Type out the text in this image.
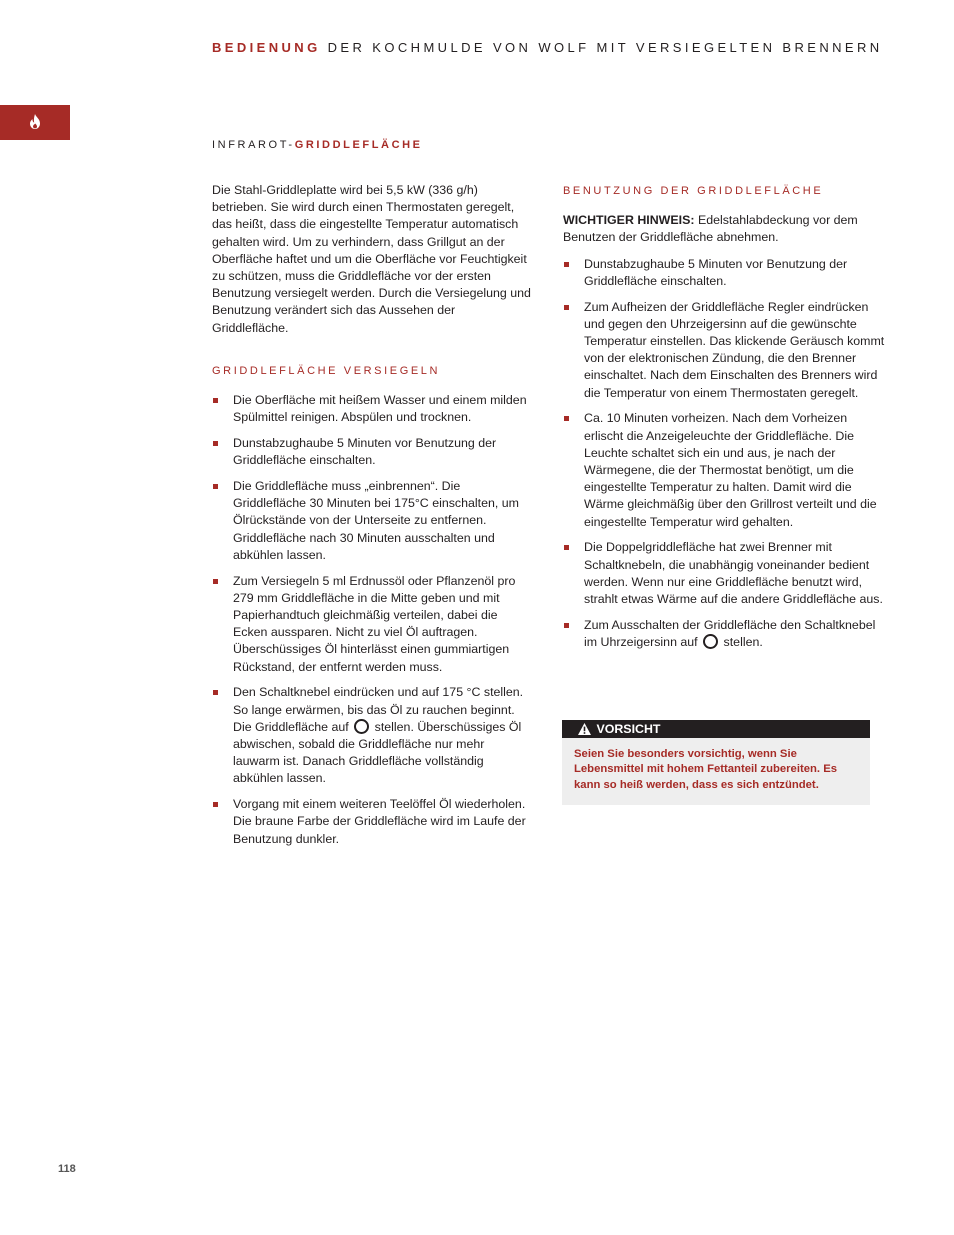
BEDIENUNG DER KOCHMULDE VON WOLF MIT VERSIEGELTEN BRENNERN
INFRAROT-GRIDDLEFLÄCHE

Die Stahl-Griddleplatte wird bei 5,5 kW (336 g/h) betrieben. Sie wird durch einen Thermostaten geregelt, das heißt, dass die eingestellte Temperatur automatisch gehalten wird. Um zu verhindern, dass Grillgut an der Oberfläche haftet und um die Oberfläche vor Feuchtigkeit zu schützen, muss die Griddlefläche vor der ersten Benutzung versiegelt werden. Durch die Versiegelung und Benutzung verändert sich das Aussehen der Griddlefläche.

GRIDDLEFLÄCHE VERSIEGELN
Die Oberfläche mit heißem Wasser und einem milden Spülmittel reinigen. Abspülen und trocknen.
Dunstabzughaube 5 Minuten vor Benutzung der Griddlefläche einschalten.
Die Griddlefläche muss „einbrennen“. Die Griddlefläche 30 Minuten bei 175°C einschalten, um Ölrückstände von der Unterseite zu entfernen. Griddlefläche nach 30 Minuten ausschalten und abkühlen lassen.
Zum Versiegeln 5 ml Erdnussöl oder Pflanzenöl pro 279 mm Griddlefläche in die Mitte geben und mit Papierhandtuch gleichmäßig verteilen, dabei die Ecken aussparen. Nicht zu viel Öl auftragen. Überschüssiges Öl hinterlässt einen gummiartigen Rückstand, der entfernt werden muss.
Den Schaltknebel eindrücken und auf 175 °C stellen. So lange erwärmen, bis das Öl zu rauchen beginnt. Die Griddlefläche auf stellen. Überschüssiges Öl abwischen, sobald die Griddlefläche nur mehr lauwarm ist. Danach Griddlefläche vollständig abkühlen lassen.
Vorgang mit einem weiteren Teelöffel Öl wiederholen. Die braune Farbe der Griddlefläche wird im Laufe der Benutzung dunkler.
BENUTZUNG DER GRIDDLEFLÄCHE

WICHTIGER HINWEIS: Edelstahlabdeckung vor dem Benutzen der Griddlefläche abnehmen.

Dunstabzughaube 5 Minuten vor Benutzung der Griddlefläche einschalten.
Zum Aufheizen der Griddlefläche Regler eindrücken und gegen den Uhrzeigersinn auf die gewünschte Temperatur einstellen. Das klickende Geräusch kommt von der elektronischen Zündung, die den Brenner einschaltet. Nach dem Einschalten des Brenners wird die Temperatur von einem Thermostaten geregelt.
Ca. 10 Minuten vorheizen. Nach dem Vorheizen erlischt die Anzeigeleuchte der Griddlefläche. Die Leuchte schaltet sich ein und aus, je nach der Wärmegene, die der Thermostat benötigt, um die eingestellte Temperatur zu halten. Damit wird die Wärme gleichmäßig über den Grillrost verteilt und die eingestellte Temperatur wird gehalten.
Die Doppelgriddlefläche hat zwei Brenner mit Schaltknebeln, die unabhängig voneinander bedient werden. Wenn nur eine Griddlefläche benutzt wird, strahlt etwas Wärme auf die andere Griddlefläche aus.
Zum Ausschalten der Griddlefläche den Schaltknebel im Uhrzeigersinn auf stellen.
VORSICHT
Seien Sie besonders vorsichtig, wenn Sie Lebensmittel mit hohem Fettanteil zubereiten. Es kann so heiß werden, dass es sich entzündet.
118
